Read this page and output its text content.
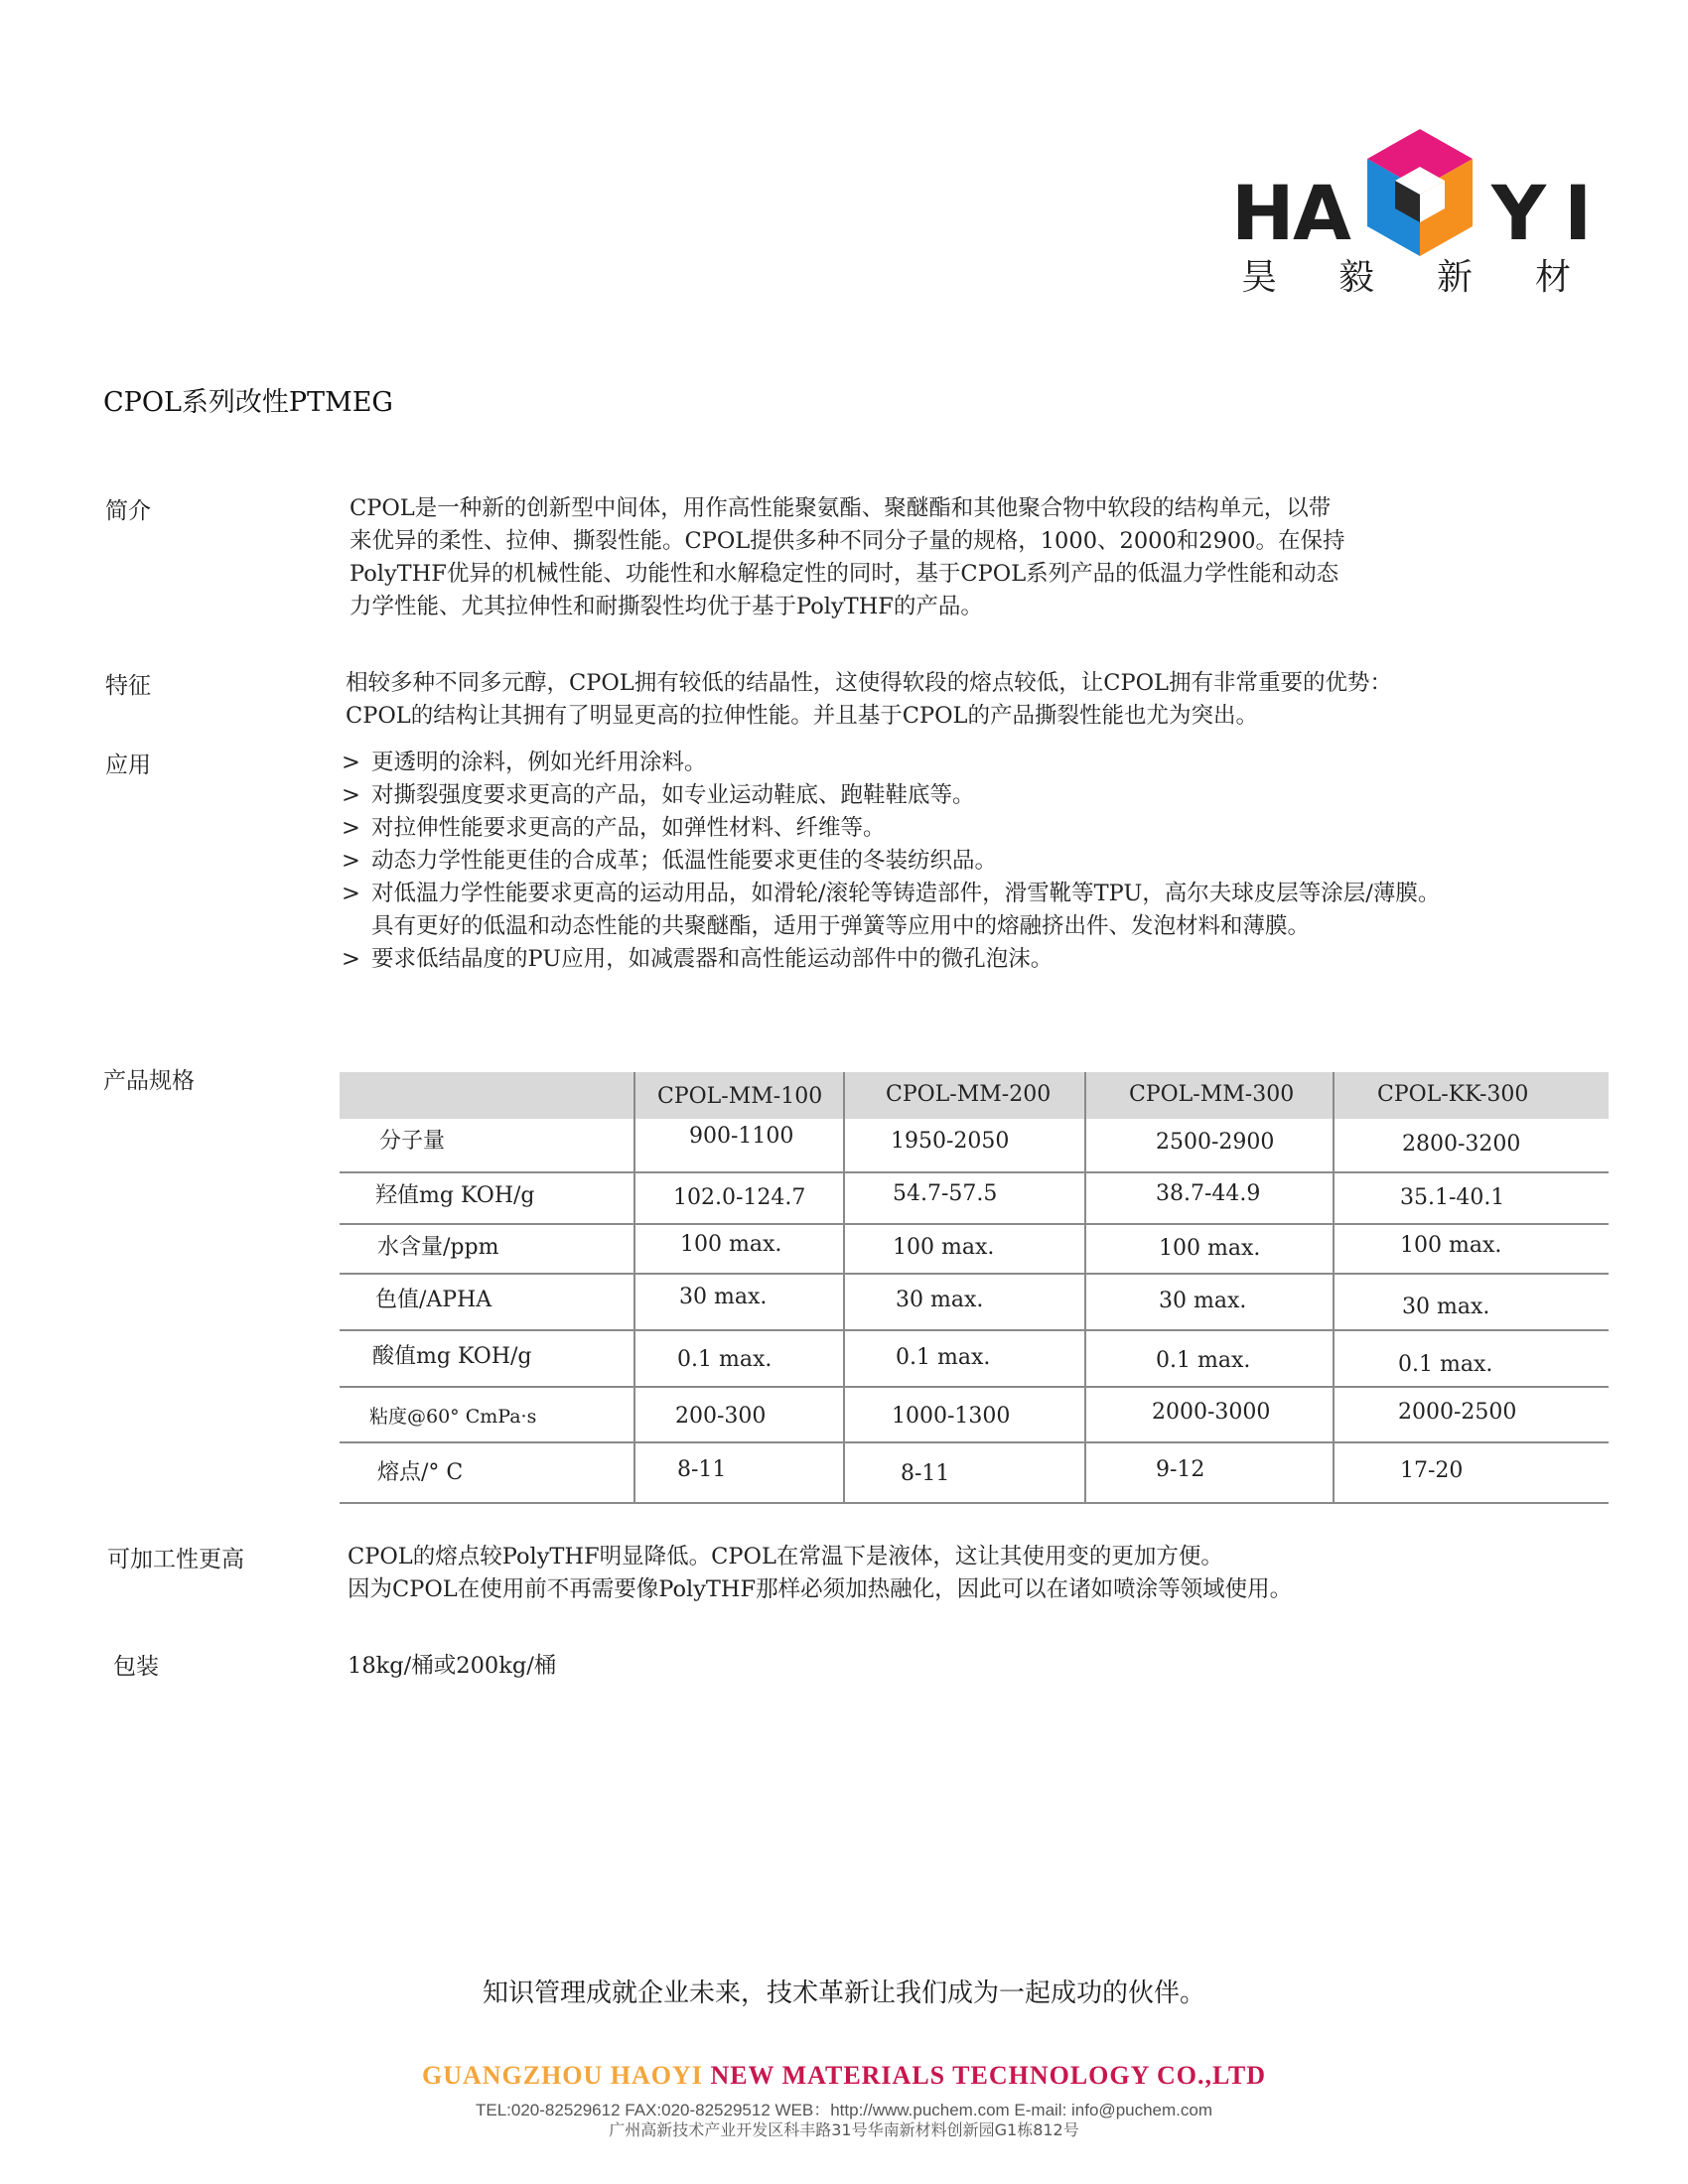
H
A Y I
昊 毅 新 材
CPOL系列改性PTMEG
简介	CPOL是一种新的创新型中间体，用作高性能聚氨酯、聚醚酯和其他聚合物中软段的结构单元，以带

来优异的柔性、拉伸、撕裂性能。CPOL提供多种不同分子量的规格，1000、2000和2900。在保持

PolyTHF优异的机械性能、功能性和水解稳定性的同时，基于CPOL系列产品的低温力学性能和动态

力学性能、尤其拉伸性和耐撕裂性均优于基于PolyTHF的产品。

特征	相较多种不同多元醇，CPOL拥有较低的结晶性，这使得软段的熔点较低，让CPOL拥有非常重要的优势：

CPOL的结构让其拥有了明显更高的拉伸性能。并且基于CPOL的产品撕裂性能也尤为突出。

应用	> 更透明的涂料，例如光纤用涂料。
> 对撕裂强度要求更高的产品，如专业运动鞋底、跑鞋鞋底等。
> 对拉伸性能要求更高的产品，如弹性材料、纤维等。
> 动态力学性能更佳的合成革；低温性能要求更佳的冬装纺织品。
> 对低温力学性能要求更高的运动用品，如滑轮/滚轮等铸造部件，滑雪靴等TPU，高尔夫球皮层等涂层/薄膜。
具有更好的低温和动态性能的共聚醚酯，适用于弹簧等应用中的熔融挤出件、发泡材料和薄膜。
> 要求低结晶度的PU应用，如减震器和高性能运动部件中的微孔泡沫。
产品规格
CPOL-MM-100	CPOL-MM-200	CPOL-MM-300	CPOL-KK-300
分子量	900-1100	1950-2050	2500-2900	2800-3200
羟值mg KOH/g	102.0-124.7	54.7-57.5	38.7-44.9	35.1-40.1
水含量/ppm	100 max.	100 max.	100 max.	100 max.
色值/APHA	30 max.	30 max.	30 max.	30 max.
酸值mg KOH/g	0.1 max.	0.1 max.	0.1 max.	0.1 max.
粘度@60° CmPa·s	200-300	1000-1300	2000-3000	2000-2500
熔点/° C	8-11	8-11	9-12	17-20
可加工性更高	CPOL的熔点较PolyTHF明显降低。CPOL在常温下是液体，这让其使用变的更加方便。

因为CPOL在使用前不再需要像PolyTHF那样必须加热融化，因此可以在诸如喷涂等领域使用。

包装	18kg/桶或200kg/桶
知识管理成就企业未来，技术革新让我们成为一起成功的伙伴。
GUANGZHOU HAOYI NEW MATERIALS TECHNOLOGY CO.,LTD
TEL:020-82529612 FAX:020-82529512 WEB：http://www.puchem.com E-mail: info@puchem.com
广州高新技术产业开发区科丰路31号华南新材料创新园G1栋812号
